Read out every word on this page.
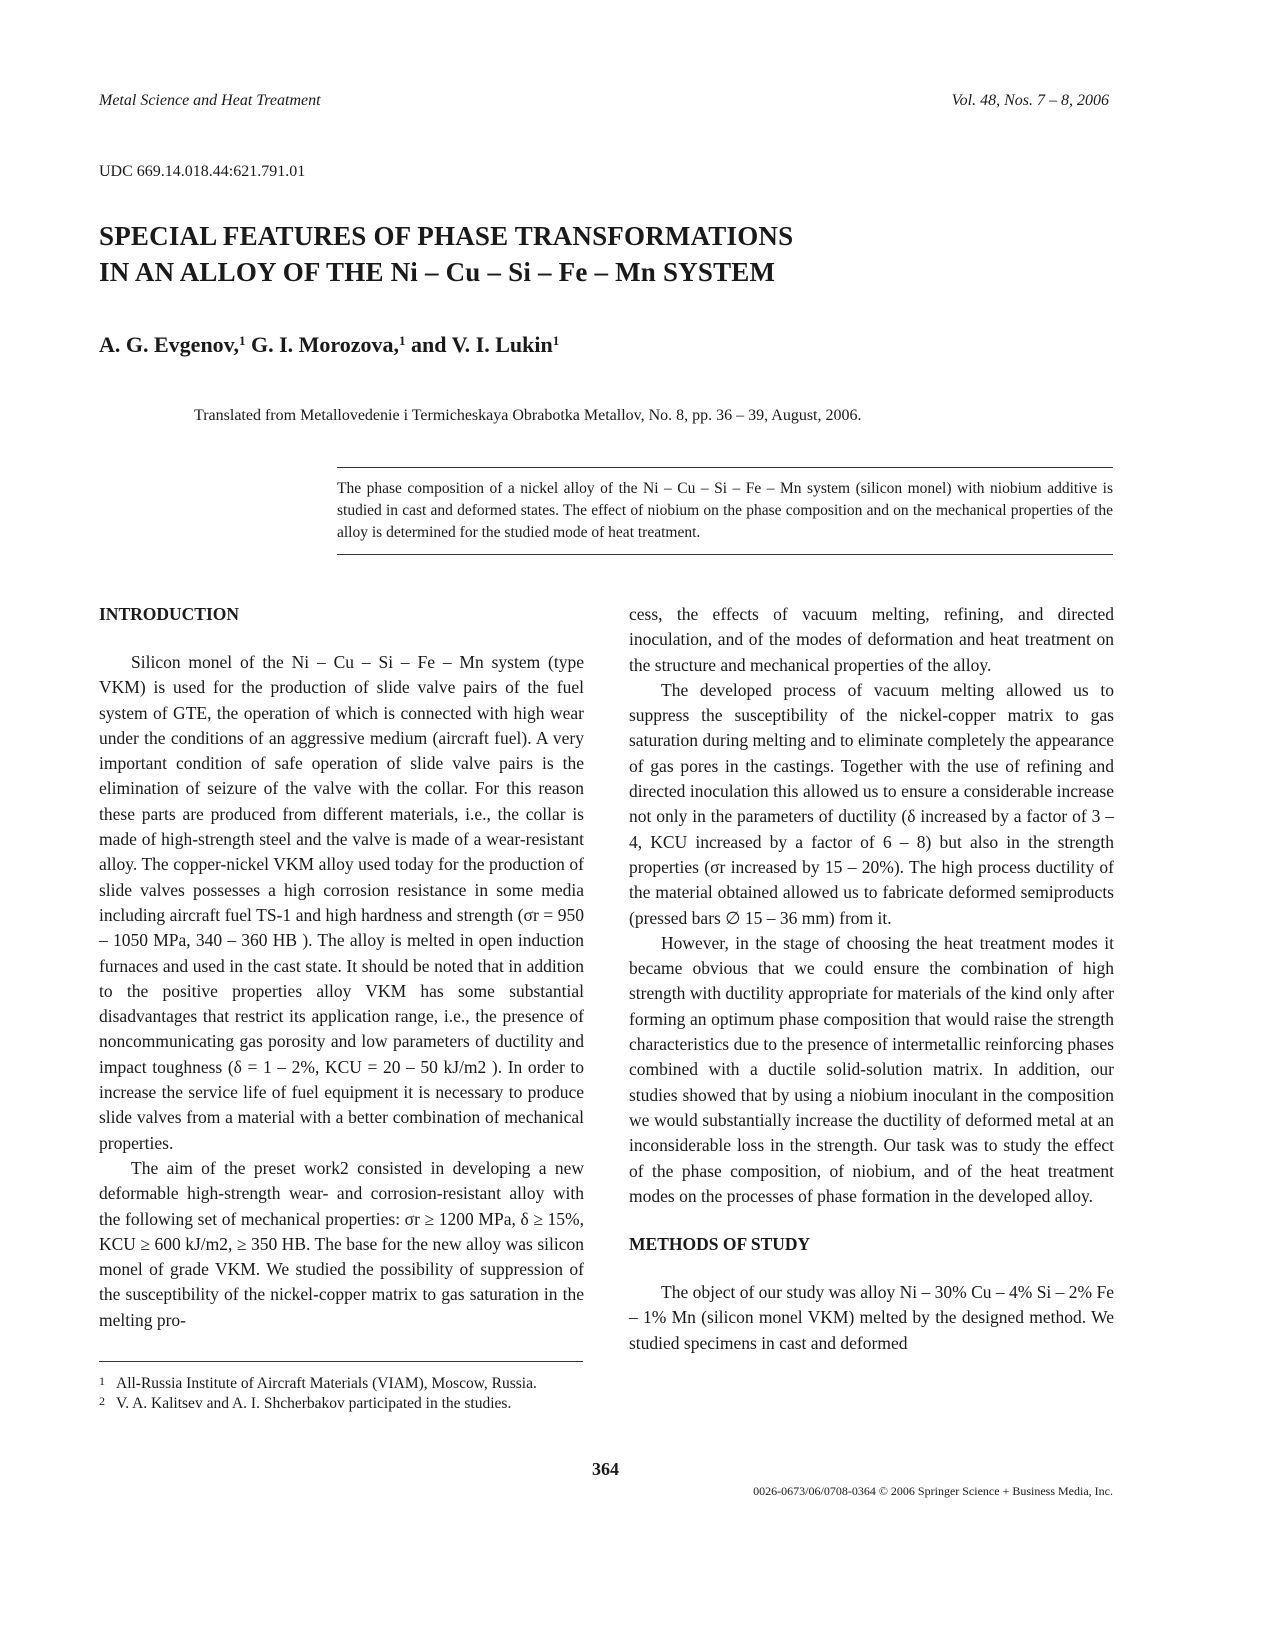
Metal Science and Heat Treatment	Vol. 48, Nos. 7 – 8, 2006
UDC 669.14.018.44:621.791.01
SPECIAL FEATURES OF PHASE TRANSFORMATIONS
IN AN ALLOY OF THE Ni – Cu – Si – Fe – Mn SYSTEM
A. G. Evgenov,$^1$ G. I. Morozova,$^1$ and V. I. Lukin$^1$
Translated from Metallovedenie i Termicheskaya Obrabotka Metallov, No. 8, pp. 36 – 39, August, 2006.
The phase composition of a nickel alloy of the Ni – Cu – Si – Fe – Mn system (silicon monel) with niobium additive is studied in cast and deformed states. The effect of niobium on the phase composition and on the mechanical properties of the alloy is determined for the studied mode of heat treatment.
INTRODUCTION

Silicon monel of the Ni – Cu – Si – Fe – Mn system (type VKM) is used for the production of slide valve pairs of the fuel system of GTE, the operation of which is connected with high wear under the conditions of an aggressive medium (aircraft fuel). A very important condition of safe operation of slide valve pairs is the elimination of seizure of the valve with the collar. For this reason these parts are produced from different materials, i.e., the collar is made of high-strength steel and the valve is made of a wear-resistant alloy. The copper-nickel VKM alloy used today for the production of slide valves possesses a high corrosion resistance in some media including aircraft fuel TS-1 and high hardness and strength (σr = 950 – 1050 MPa, 340 – 360 HB ). The alloy is melted in open induction furnaces and used in the cast state. It should be noted that in addition to the positive properties alloy VKM has some substantial disadvantages that restrict its application range, i.e., the presence of noncommunicating gas porosity and low parameters of ductility and impact toughness (δ = 1 – 2%, KCU = 20 – 50 kJ/m2 ). In order to increase the service life of fuel equipment it is necessary to produce slide valves from a material with a better combination of mechanical properties.

The aim of the preset work2 consisted in developing a new deformable high-strength wear- and corrosion-resistant alloy with the following set of mechanical properties: σr ≥ 1200 MPa, δ ≥ 15%, KCU ≥ 600 kJ/m2, ≥ 350 HB. The base for the new alloy was silicon monel of grade VKM. We studied the possibility of suppression of the susceptibility of the nickel-copper matrix to gas saturation in the melting pro-

cess, the effects of vacuum melting, refining, and directed inoculation, and of the modes of deformation and heat treatment on the structure and mechanical properties of the alloy.

The developed process of vacuum melting allowed us to suppress the susceptibility of the nickel-copper matrix to gas saturation during melting and to eliminate completely the appearance of gas pores in the castings. Together with the use of refining and directed inoculation this allowed us to ensure a considerable increase not only in the parameters of ductility (δ increased by a factor of 3 – 4, KCU increased by a factor of 6 – 8) but also in the strength properties (σr increased by 15 – 20%). The high process ductility of the material obtained allowed us to fabricate deformed semiproducts (pressed bars ∅ 15 – 36 mm) from it.

However, in the stage of choosing the heat treatment modes it became obvious that we could ensure the combination of high strength with ductility appropriate for materials of the kind only after forming an optimum phase composition that would raise the strength characteristics due to the presence of intermetallic reinforcing phases combined with a ductile solid-solution matrix. In addition, our studies showed that by using a niobium inoculant in the composition we would substantially increase the ductility of deformed metal at an inconsiderable loss in the strength. Our task was to study the effect of the phase composition, of niobium, and of the heat treatment modes on the processes of phase formation in the developed alloy.

METHODS OF STUDY

The object of our study was alloy Ni – 30% Cu – 4% Si – 2% Fe – 1% Mn (silicon monel VKM) melted by the designed method. We studied specimens in cast and deformed

1 All-Russia Institute of Aircraft Materials (VIAM), Moscow, Russia.
2 V. A. Kalitsev and A. I. Shcherbakov participated in the studies.
364
0026-0673/06/0708-0364 © 2006 Springer Science + Business Media, Inc.
